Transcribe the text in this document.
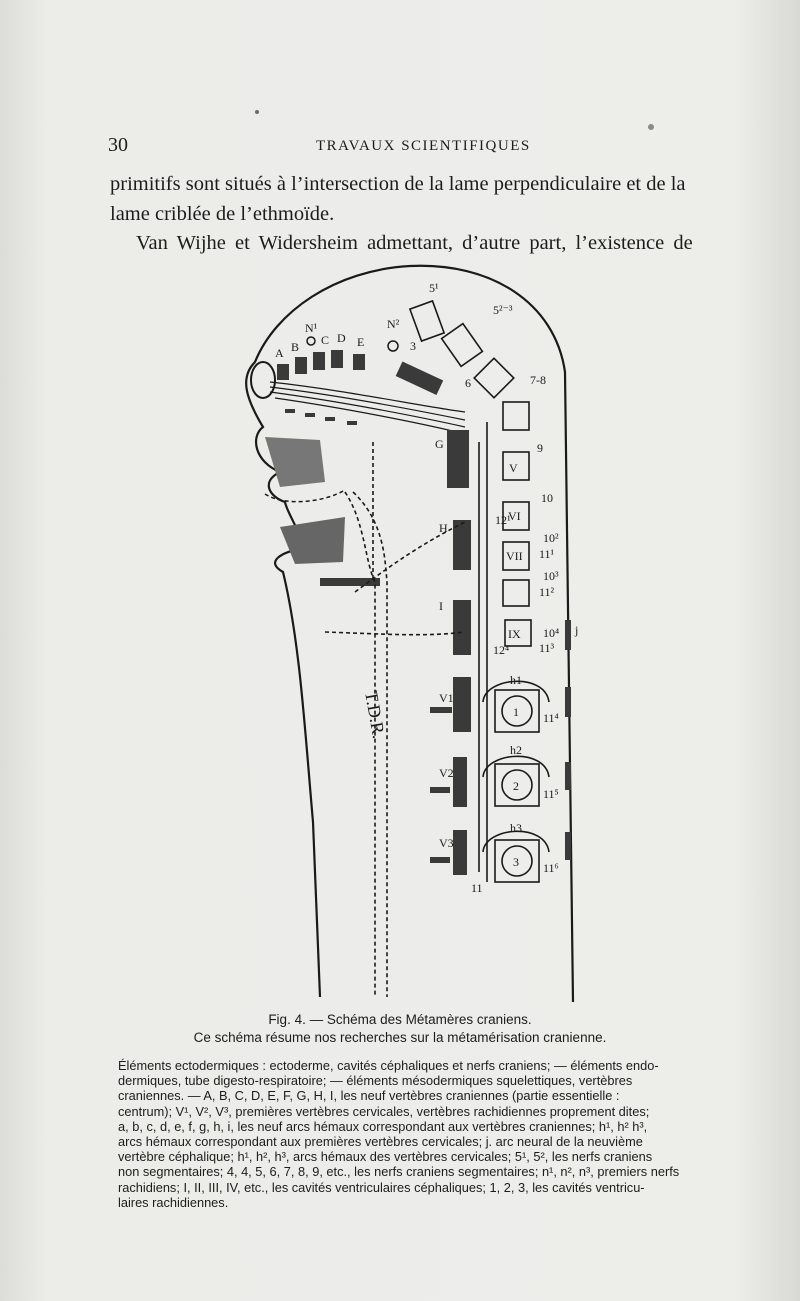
30	TRAVAUX SCIENTIFIQUES
primitifs sont situés à l’intersection de la lame perpendiculaire et de la
lame criblée de l’ethmoïde.
Van Wijhe et Widersheim admettant, d’autre part, l’existence de
A B
N¹
C D E
N²
3
5¹
5²⁻³
6	7-8
9
10
10²
11¹
10³
11²
10⁴
11³
12¹
12⁴
11⁴
11⁵
11⁶
11
G
H
I
V1
V2
V3
h1
h2
h3
V
VI
VII
IX
1
2
3
j
T.D.R.
Fig. 4. — Schéma des Métamères craniens.
Ce schéma résume nos recherches sur la métamérisation cranienne.
Éléments ectodermiques : ectoderme, cavités céphaliques et nerfs craniens; — éléments endo-
dermiques, tube digesto-respiratoire; — éléments mésodermiques squelettiques, vertèbres
craniennes. — A, B, C, D, E, F, G, H, I, les neuf vertèbres craniennes (partie essentielle :
centrum); V¹, V², V³, premières vertèbres cervicales, vertèbres rachidiennes proprement dites;
a, b, c, d, e, f, g, h, i, les neuf arcs hémaux correspondant aux vertèbres craniennes; h¹, h² h³,
arcs hémaux correspondant aux premières vertèbres cervicales; j. arc neural de la neuvième
vertèbre céphalique; h¹, h², h³, arcs hémaux des vertèbres cervicales; 5¹, 5², les nerfs craniens
non segmentaires; 4, 4, 5, 6, 7, 8, 9, etc., les nerfs craniens segmentaires; n¹, n², n³, premiers nerfs
rachidiens; I, II, III, IV, etc., les cavités ventriculaires céphaliques; 1, 2, 3, les cavités ventricu-
laires rachidiennes.
